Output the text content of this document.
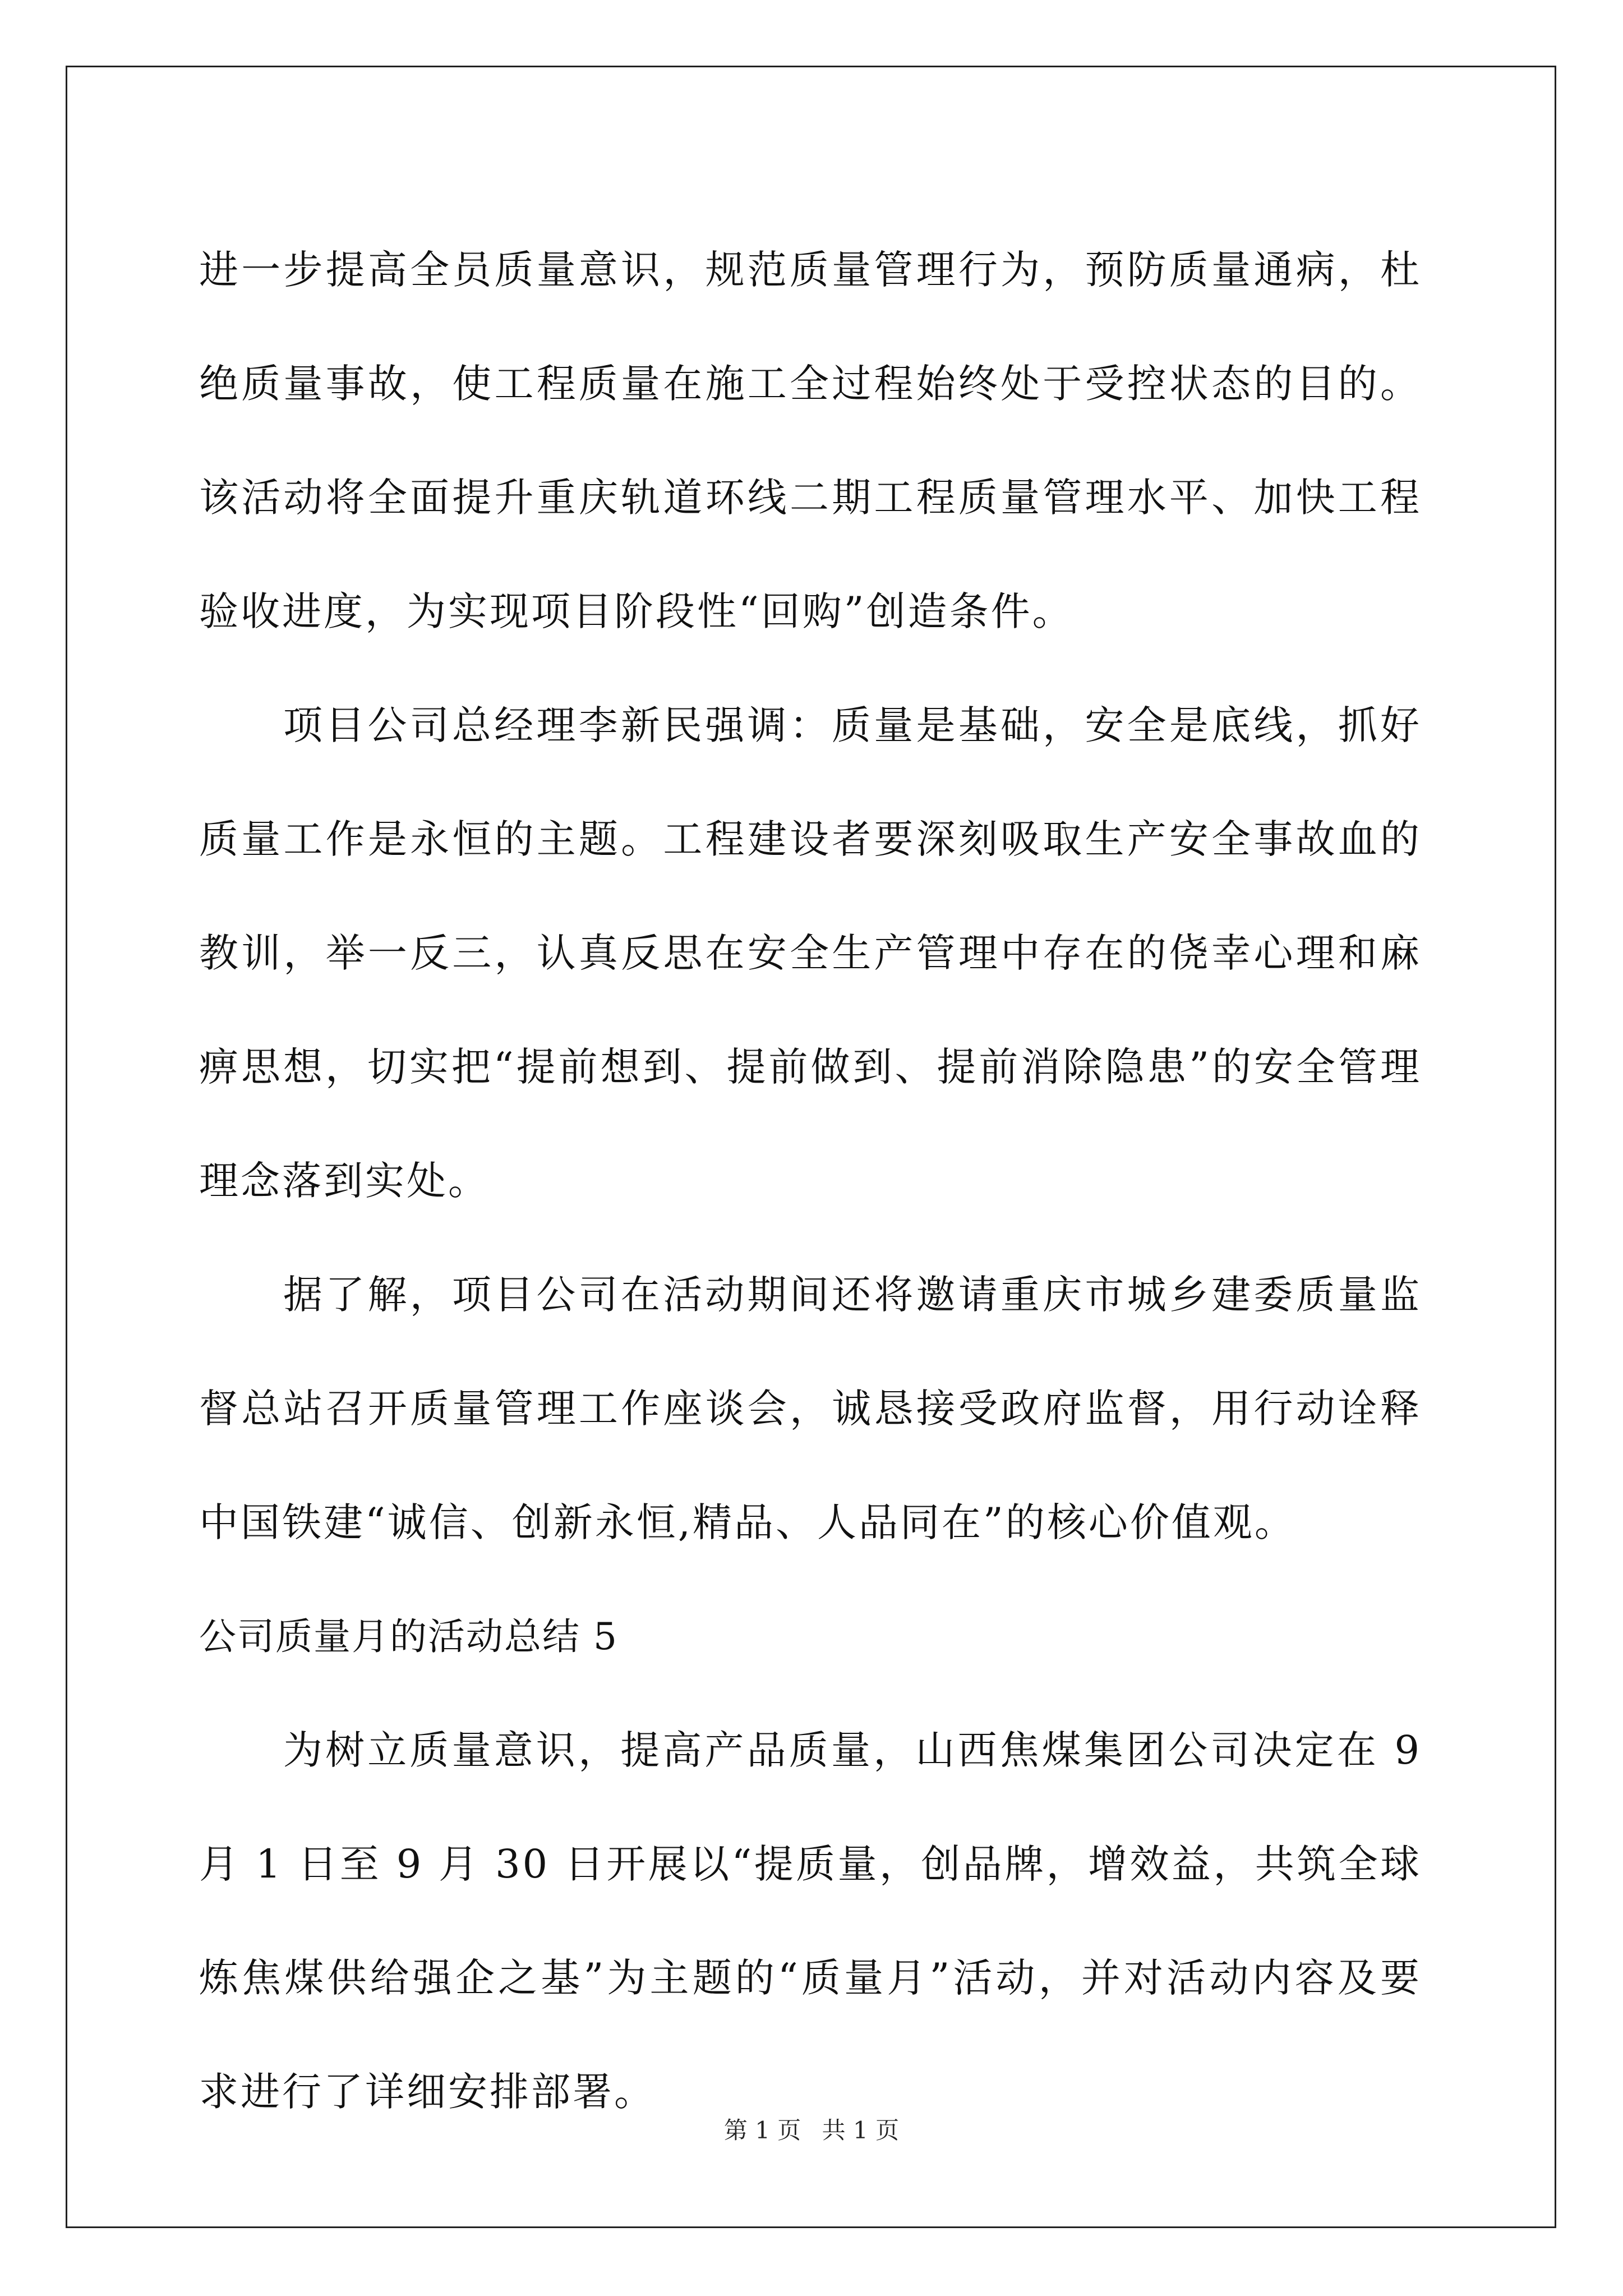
进一步提高全员质量意识，规范质量管理行为，预防质量通病，杜绝质量事故，使工程质量在施工全过程始终处于受控状态的目的。该活动将全面提升重庆轨道环线二期工程质量管理水平、加快工程验收进度，为实现项目阶段性“回购”创造条件。

项目公司总经理李新民强调：质量是基础，安全是底线，抓好质量工作是永恒的主题。工程建设者要深刻吸取生产安全事故血的教训，举一反三，认真反思在安全生产管理中存在的侥幸心理和麻痹思想，切实把“提前想到、提前做到、提前消除隐患”的安全管理理念落到实处。

据了解，项目公司在活动期间还将邀请重庆市城乡建委质量监督总站召开质量管理工作座谈会，诚恳接受政府监督，用行动诠释中国铁建“诚信、创新永恒,精品、人品同在”的核心价值观。

公司质量月的活动总结 5

为树立质量意识，提高产品质量，山西焦煤集团公司决定在 9 月 1 日至 9 月 30 日开展以“提质量，创品牌，增效益，共筑全球炼焦煤供给强企之基”为主题的“质量月”活动，并对活动内容及要求进行了详细安排部署。

第 1 页 共 1 页
